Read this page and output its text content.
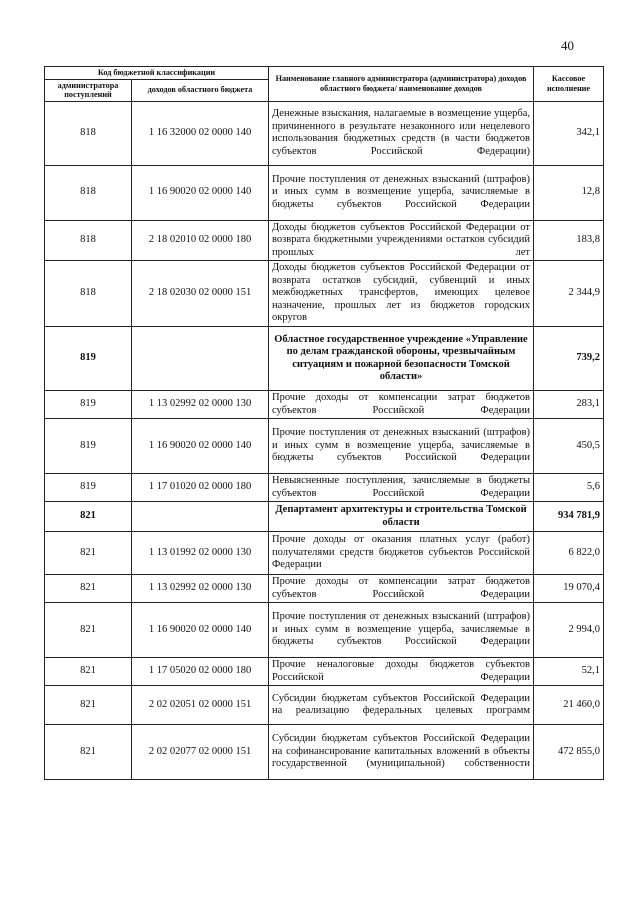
40
Код бюджетной классификации		Наименование главного администратора (администратора) доходов областного бюджета/ наименование доходов	Кассовое исполнение
администратора поступлений	доходов областного бюджета		
818	1 16 32000 02 0000 140	Денежные взыскания, налагаемые в возмещение ущерба, причиненного в результате незаконного или нецелевого использования бюджетных средств (в части бюджетов субъектов Российской Федерации)	342,1
818	1 16 90020 02 0000 140	Прочие поступления от денежных взысканий (штрафов) и иных сумм в возмещение ущерба, зачисляемые в бюджеты субъектов Российской Федерации	12,8
818	2 18 02010 02 0000 180	Доходы бюджетов субъектов Российской Федерации от возврата бюджетными учреждениями остатков субсидий прошлых лет	183,8
818	2 18 02030 02 0000 151	Доходы бюджетов субъектов Российской Федерации от возврата остатков субсидий, субвенций и иных межбюджетных трансфертов, имеющих целевое назначение, прошлых лет из бюджетов городских округов	2 344,9
819		Областное государственное учреждение «Управление по делам гражданской обороны, чрезвычайным ситуациям и пожарной безопасности Томской области»	739,2
819	1 13 02992 02 0000 130	Прочие доходы от компенсации затрат бюджетов субъектов Российской Федерации	283,1
819	1 16 90020 02 0000 140	Прочие поступления от денежных взысканий (штрафов) и иных сумм в возмещение ущерба, зачисляемые в бюджеты субъектов Российской Федерации	450,5
819	1 17 01020 02 0000 180	Невыясненные поступления, зачисляемые в бюджеты субъектов Российской Федерации	5,6
821		Департамент архитектуры и строительства Томской области	934 781,9
821	1 13 01992 02 0000 130	Прочие доходы от оказания платных услуг (работ) получателями средств бюджетов субъектов Российской Федерации	6 822,0
821	1 13 02992 02 0000 130	Прочие доходы от компенсации затрат бюджетов субъектов Российской Федерации	19 070,4
821	1 16 90020 02 0000 140	Прочие поступления от денежных взысканий (штрафов) и иных сумм в возмещение ущерба, зачисляемые в бюджеты субъектов Российской Федерации	2 994,0
821	1 17 05020 02 0000 180	Прочие неналоговые доходы бюджетов субъектов Российской Федерации	52,1
821	2 02 02051 02 0000 151	Субсидии бюджетам субъектов Российской Федерации на реализацию федеральных целевых программ	21 460,0
821	2 02 02077 02 0000 151	Субсидии бюджетам субъектов Российской Федерации на софинансирование капитальных вложений в объекты государственной (муниципальной) собственности	472 855,0
